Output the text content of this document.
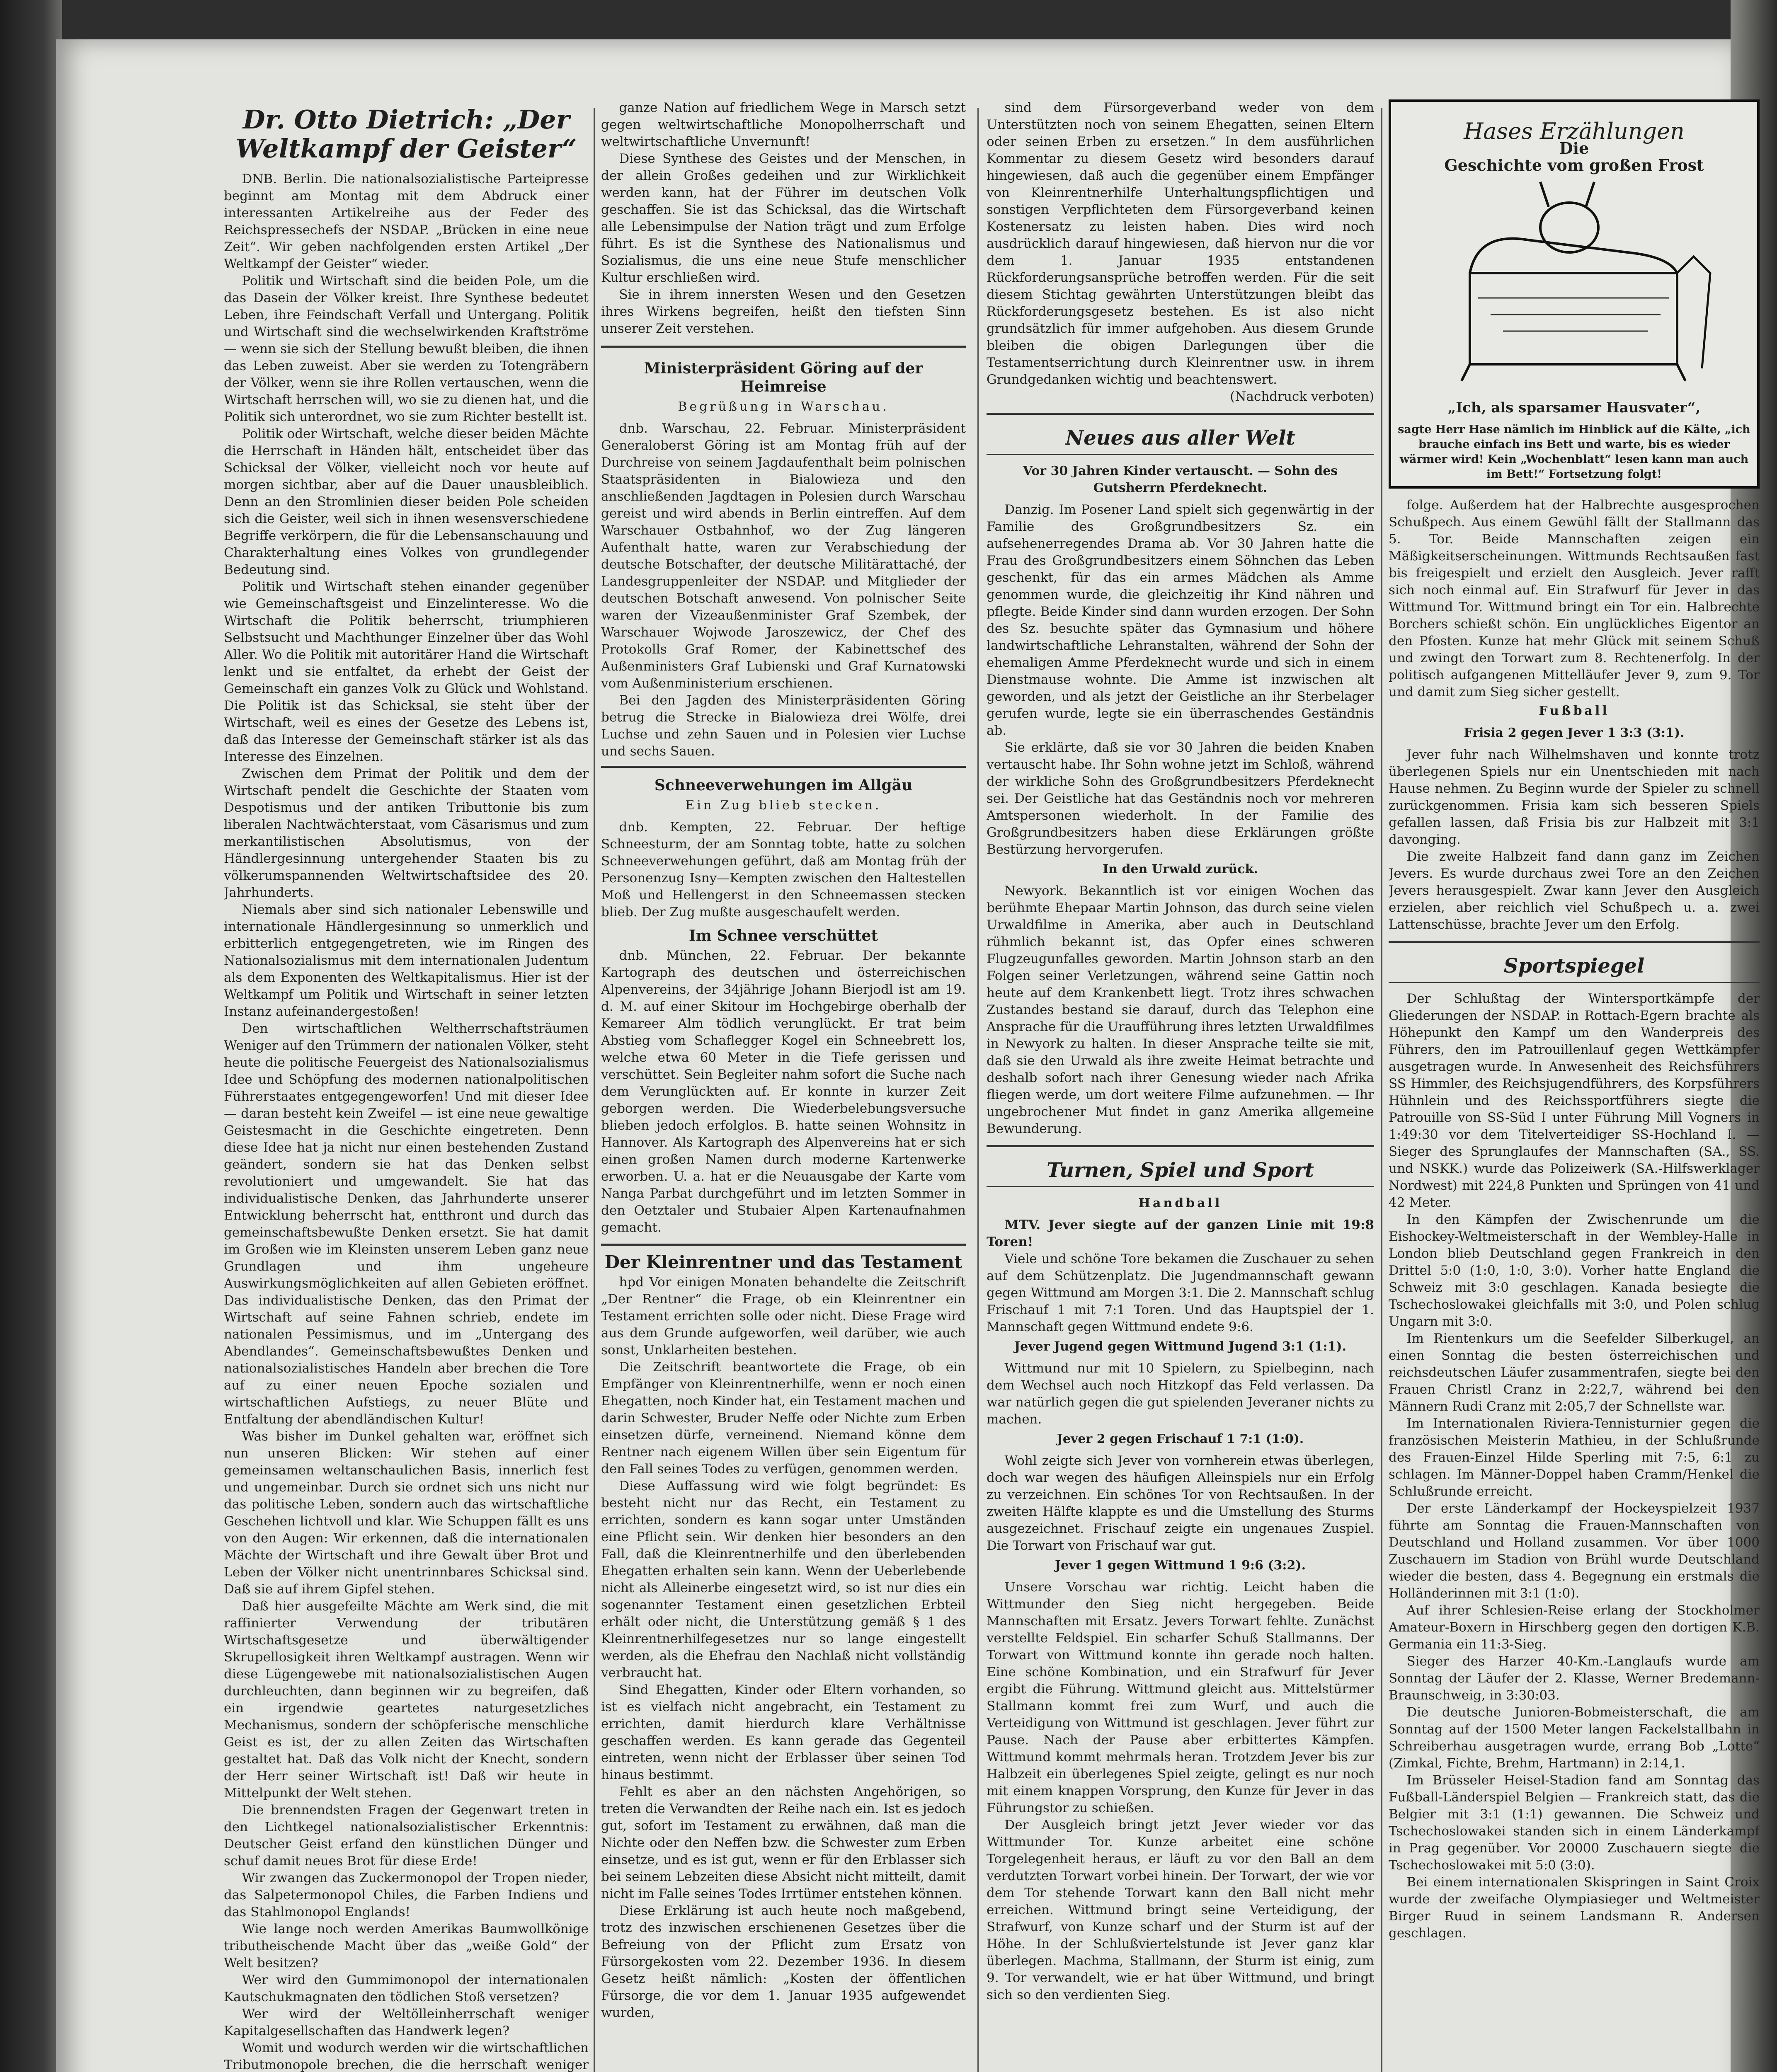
Dr. Otto Dietrich: „Der Weltkampf der Geister“

DNB. Berlin. Die nationalsozialistische Parteipresse beginnt am Montag mit dem Abdruck einer interessanten Artikelreihe aus der Feder des Reichspressechefs der NSDAP. „Brücken in eine neue Zeit“. Wir geben nachfolgenden ersten Artikel „Der Weltkampf der Geister“ wieder.

Politik und Wirtschaft sind die beiden Pole, um die das Dasein der Völker kreist. Ihre Synthese bedeutet Leben, ihre Feindschaft Verfall und Untergang. Politik und Wirtschaft sind die wechselwirkenden Kraftströme — wenn sie sich der Stellung bewußt bleiben, die ihnen das Leben zuweist. Aber sie werden zu Totengräbern der Völker, wenn sie ihre Rollen vertauschen, wenn die Wirtschaft herrschen will, wo sie zu dienen hat, und die Politik sich unterordnet, wo sie zum Richter bestellt ist.

Politik oder Wirtschaft, welche dieser beiden Mächte die Herrschaft in Händen hält, entscheidet über das Schicksal der Völker, vielleicht noch vor heute auf morgen sichtbar, aber auf die Dauer unausbleiblich. Denn an den Stromlinien dieser beiden Pole scheiden sich die Geister, weil sich in ihnen wesensverschiedene Begriffe verkörpern, die für die Lebensanschauung und Charakterhaltung eines Volkes von grundlegender Bedeutung sind.

Politik und Wirtschaft stehen einander gegenüber wie Gemeinschaftsgeist und Einzelinteresse. Wo die Wirtschaft die Politik beherrscht, triumphieren Selbstsucht und Machthunger Einzelner über das Wohl Aller. Wo die Politik mit autoritärer Hand die Wirtschaft lenkt und sie entfaltet, da erhebt der Geist der Gemeinschaft ein ganzes Volk zu Glück und Wohlstand. Die Politik ist das Schicksal, sie steht über der Wirtschaft, weil es eines der Gesetze des Lebens ist, daß das Interesse der Gemeinschaft stärker ist als das Interesse des Einzelnen.

Zwischen dem Primat der Politik und dem der Wirtschaft pendelt die Geschichte der Staaten vom Despotismus und der antiken Tributtonie bis zum liberalen Nachtwächterstaat, vom Cäsarismus und zum merkantilistischen Absolutismus, von der Händlergesinnung untergehender Staaten bis zu völkerumspannenden Weltwirtschaftsidee des 20. Jahrhunderts.

Niemals aber sind sich nationaler Lebenswille und internationale Händlergesinnung so unmerklich und erbitterlich entgegengetreten, wie im Ringen des Nationalsozialismus mit dem internationalen Judentum als dem Exponenten des Weltkapitalismus. Hier ist der Weltkampf um Politik und Wirtschaft in seiner letzten Instanz aufeinandergestoßen!

Den wirtschaftlichen Weltherrschaftsträumen Weniger auf den Trümmern der nationalen Völker, steht heute die politische Feuergeist des Nationalsozialismus Idee und Schöpfung des modernen nationalpolitischen Führerstaates entgegengeworfen! Und mit dieser Idee — daran besteht kein Zweifel — ist eine neue gewaltige Geistesmacht in die Geschichte eingetreten. Denn diese Idee hat ja nicht nur einen bestehenden Zustand geändert, sondern sie hat das Denken selbst revolutioniert und umgewandelt. Sie hat das individualistische Denken, das Jahrhunderte unserer Entwicklung beherrscht hat, entthront und durch das gemeinschaftsbewußte Denken ersetzt. Sie hat damit im Großen wie im Kleinsten unserem Leben ganz neue Grundlagen und ihm ungeheure Auswirkungsmöglichkeiten auf allen Gebieten eröffnet. Das individualistische Denken, das den Primat der Wirtschaft auf seine Fahnen schrieb, endete im nationalen Pessimismus, und im „Untergang des Abendlandes“. Gemeinschaftsbewußtes Denken und nationalsozialistisches Handeln aber brechen die Tore auf zu einer neuen Epoche sozialen und wirtschaftlichen Aufstiegs, zu neuer Blüte und Entfaltung der abendländischen Kultur!

Was bisher im Dunkel gehalten war, eröffnet sich nun unseren Blicken: Wir stehen auf einer gemeinsamen weltanschaulichen Basis, innerlich fest und ungemeinbar. Durch sie ordnet sich uns nicht nur das politische Leben, sondern auch das wirtschaftliche Geschehen lichtvoll und klar. Wie Schuppen fällt es uns von den Augen: Wir erkennen, daß die internationalen Mächte der Wirtschaft und ihre Gewalt über Brot und Leben der Völker nicht unentrinnbares Schicksal sind. Daß sie auf ihrem Gipfel stehen.

Daß hier ausgefeilte Mächte am Werk sind, die mit raffinierter Verwendung der tributären Wirtschaftsgesetze und überwältigender Skrupellosigkeit ihren Weltkampf austragen. Wenn wir diese Lügengewebe mit nationalsozialistischen Augen durchleuchten, dann beginnen wir zu begreifen, daß ein irgendwie geartetes naturgesetzliches Mechanismus, sondern der schöpferische menschliche Geist es ist, der zu allen Zeiten das Wirtschaften gestaltet hat. Daß das Volk nicht der Knecht, sondern der Herr seiner Wirtschaft ist! Daß wir heute in Mittelpunkt der Welt stehen.

Die brennendsten Fragen der Gegenwart treten in den Lichtkegel nationalsozialistischer Erkenntnis: Deutscher Geist erfand den künstlichen Dünger und schuf damit neues Brot für diese Erde!

Wir zwangen das Zuckermonopol der Tropen nieder, das Salpetermonopol Chiles, die Farben Indiens und das Stahlmonopol Englands!

Wie lange noch werden Amerikas Baumwollkönige tributheischende Macht über das „weiße Gold“ der Welt besitzen?

Wer wird den Gummimonopol der internationalen Kautschukmagnaten den tödlichen Stoß versetzen?

Wer wird der Weltölleinherrschaft weniger Kapitalgesellschaften das Handwerk legen?

Womit und wodurch werden wir die wirtschaftlichen Tributmonopole brechen, die die herrschaft weniger

ganze Nation auf friedlichem Wege in Marsch setzt gegen weltwirtschaftliche Monopolherrschaft und weltwirtschaftliche Unvernunft!

Diese Synthese des Geistes und der Menschen, in der allein Großes gedeihen und zur Wirklichkeit werden kann, hat der Führer im deutschen Volk geschaffen. Sie ist das Schicksal, das die Wirtschaft alle Lebensimpulse der Nation trägt und zum Erfolge führt. Es ist die Synthese des Nationalismus und Sozialismus, die uns eine neue Stufe menschlicher Kultur erschließen wird.

Sie in ihrem innersten Wesen und den Gesetzen ihres Wirkens begreifen, heißt den tiefsten Sinn unserer Zeit verstehen.

Ministerpräsident Göring auf der Heimreise
Begrüßung in Warschau.

dnb. Warschau, 22. Februar. Ministerpräsident Generaloberst Göring ist am Montag früh auf der Durchreise von seinem Jagdaufenthalt beim polnischen Staatspräsidenten in Bialowieza und den anschließenden Jagdtagen in Polesien durch Warschau gereist und wird abends in Berlin eintreffen. Auf dem Warschauer Ostbahnhof, wo der Zug längeren Aufenthalt hatte, waren zur Verabschiedung der deutsche Botschafter, der deutsche Militärattaché, der Landesgruppenleiter der NSDAP. und Mitglieder der deutschen Botschaft anwesend. Von polnischer Seite waren der Vizeaußenminister Graf Szembek, der Warschauer Wojwode Jaroszewicz, der Chef des Protokolls Graf Romer, der Kabinettschef des Außenministers Graf Lubienski und Graf Kurnatowski vom Außenministerium erschienen.

Bei den Jagden des Ministerpräsidenten Göring betrug die Strecke in Bialowieza drei Wölfe, drei Luchse und zehn Sauen und in Polesien vier Luchse und sechs Sauen.

Schneeverwehungen im Allgäu
Ein Zug blieb stecken.

dnb. Kempten, 22. Februar. Der heftige Schneesturm, der am Sonntag tobte, hatte zu solchen Schneeverwehungen geführt, daß am Montag früh der Personenzug Isny—Kempten zwischen den Haltestellen Moß und Hellengerst in den Schneemassen stecken blieb. Der Zug mußte ausgeschaufelt werden.

Im Schnee verschüttet

dnb. München, 22. Februar. Der bekannte Kartograph des deutschen und österreichischen Alpenvereins, der 34jährige Johann Bierjodl ist am 19. d. M. auf einer Skitour im Hochgebirge oberhalb der Kemareer Alm tödlich verunglückt. Er trat beim Abstieg vom Schaflegger Kogel ein Schneebrett los, welche etwa 60 Meter in die Tiefe gerissen und verschüttet. Sein Begleiter nahm sofort die Suche nach dem Verunglückten auf. Er konnte in kurzer Zeit geborgen werden. Die Wiederbelebungsversuche blieben jedoch erfolglos. B. hatte seinen Wohnsitz in Hannover. Als Kartograph des Alpenvereins hat er sich einen großen Namen durch moderne Kartenwerke erworben. U. a. hat er die Neuausgabe der Karte vom Nanga Parbat durchgeführt und im letzten Sommer in den Oetztaler und Stubaier Alpen Kartenaufnahmen gemacht.

Der Kleinrentner und das Testament

hpd Vor einigen Monaten behandelte die Zeitschrift „Der Rentner“ die Frage, ob ein Kleinrentner ein Testament errichten solle oder nicht. Diese Frage wird aus dem Grunde aufgeworfen, weil darüber, wie auch sonst, Unklarheiten bestehen.

Die Zeitschrift beantwortete die Frage, ob ein Empfänger von Kleinrentnerhilfe, wenn er noch einen Ehegatten, noch Kinder hat, ein Testament machen und darin Schwester, Bruder Neffe oder Nichte zum Erben einsetzen dürfe, verneinend. Niemand könne dem Rentner nach eigenem Willen über sein Eigentum für den Fall seines Todes zu verfügen, genommen werden.

Diese Auffassung wird wie folgt begründet: Es besteht nicht nur das Recht, ein Testament zu errichten, sondern es kann sogar unter Umständen eine Pflicht sein. Wir denken hier besonders an den Fall, daß die Kleinrentnerhilfe und den überlebenden Ehegatten erhalten sein kann. Wenn der Ueberlebende nicht als Alleinerbe eingesetzt wird, so ist nur dies ein sogenannter Testament einen gesetzlichen Erbteil erhält oder nicht, die Unterstützung gemäß § 1 des Kleinrentnerhilfegesetzes nur so lange eingestellt werden, als die Ehefrau den Nachlaß nicht vollständig verbraucht hat.

Sind Ehegatten, Kinder oder Eltern vorhanden, so ist es vielfach nicht angebracht, ein Testament zu errichten, damit hierdurch klare Verhältnisse geschaffen werden. Es kann gerade das Gegenteil eintreten, wenn nicht der Erblasser über seinen Tod hinaus bestimmt.

Fehlt es aber an den nächsten Angehörigen, so treten die Verwandten der Reihe nach ein. Ist es jedoch gut, sofort im Testament zu erwähnen, daß man die Nichte oder den Neffen bzw. die Schwester zum Erben einsetze, und es ist gut, wenn er für den Erblasser sich bei seinem Lebzeiten diese Absicht nicht mitteilt, damit nicht im Falle seines Todes Irrtümer entstehen können.

Diese Erklärung ist auch heute noch maßgebend, trotz des inzwischen erschienenen Gesetzes über die Befreiung von der Pflicht zum Ersatz von Fürsorgekosten vom 22. Dezember 1936. In diesem Gesetz heißt nämlich: „Kosten der öffentlichen Fürsorge, die vor dem 1. Januar 1935 aufgewendet wurden,

sind dem Fürsorgeverband weder von dem Unterstützten noch von seinem Ehegatten, seinen Eltern oder seinen Erben zu ersetzen.“ In dem ausführlichen Kommentar zu diesem Gesetz wird besonders darauf hingewiesen, daß auch die gegenüber einem Empfänger von Kleinrentnerhilfe Unterhaltungspflichtigen und sonstigen Verpflichteten dem Fürsorgeverband keinen Kostenersatz zu leisten haben. Dies wird noch ausdrücklich darauf hingewiesen, daß hiervon nur die vor dem 1. Januar 1935 entstandenen Rückforderungsansprüche betroffen werden. Für die seit diesem Stichtag gewährten Unterstützungen bleibt das Rückforderungsgesetz bestehen. Es ist also nicht grundsätzlich für immer aufgehoben. Aus diesem Grunde bleiben die obigen Darlegungen über die Testamentserrichtung durch Kleinrentner usw. in ihrem Grundgedanken wichtig und beachtenswert.

(Nachdruck verboten)
Neues aus aller Welt
Vor 30 Jahren Kinder vertauscht. — Sohn des Gutsherrn Pferdeknecht.

Danzig. Im Posener Land spielt sich gegenwärtig in der Familie des Großgrundbesitzers Sz. ein aufsehenerregendes Drama ab. Vor 30 Jahren hatte die Frau des Großgrundbesitzers einem Söhnchen das Leben geschenkt, für das ein armes Mädchen als Amme genommen wurde, die gleichzeitig ihr Kind nähren und pflegte. Beide Kinder sind dann wurden erzogen. Der Sohn des Sz. besuchte später das Gymnasium und höhere landwirtschaftliche Lehranstalten, während der Sohn der ehemaligen Amme Pferdeknecht wurde und sich in einem Dienstmause wohnte. Die Amme ist inzwischen alt geworden, und als jetzt der Geistliche an ihr Sterbelager gerufen wurde, legte sie ein überraschendes Geständnis ab.

Sie erklärte, daß sie vor 30 Jahren die beiden Knaben vertauscht habe. Ihr Sohn wohne jetzt im Schloß, während der wirkliche Sohn des Großgrundbesitzers Pferdeknecht sei. Der Geistliche hat das Geständnis noch vor mehreren Amtspersonen wiederholt. In der Familie des Großgrundbesitzers haben diese Erklärungen größte Bestürzung hervorgerufen.

In den Urwald zurück.

Newyork. Bekanntlich ist vor einigen Wochen das berühmte Ehepaar Martin Johnson, das durch seine vielen Urwaldfilme in Amerika, aber auch in Deutschland rühmlich bekannt ist, das Opfer eines schweren Flugzeugunfalles geworden. Martin Johnson starb an den Folgen seiner Verletzungen, während seine Gattin noch heute auf dem Krankenbett liegt. Trotz ihres schwachen Zustandes bestand sie darauf, durch das Telephon eine Ansprache für die Uraufführung ihres letzten Urwaldfilmes in Newyork zu halten. In dieser Ansprache teilte sie mit, daß sie den Urwald als ihre zweite Heimat betrachte und deshalb sofort nach ihrer Genesung wieder nach Afrika fliegen werde, um dort weitere Filme aufzunehmen. — Ihr ungebrochener Mut findet in ganz Amerika allgemeine Bewunderung.

Turnen, Spiel und Sport
Handball

MTV. Jever siegte auf der ganzen Linie mit 19:8 Toren!

Viele und schöne Tore bekamen die Zuschauer zu sehen auf dem Schützenplatz. Die Jugendmannschaft gewann gegen Wittmund am Morgen 3:1. Die 2. Mannschaft schlug Frischauf 1 mit 7:1 Toren. Und das Hauptspiel der 1. Mannschaft gegen Wittmund endete 9:6.

Jever Jugend gegen Wittmund Jugend 3:1 (1:1).

Wittmund nur mit 10 Spielern, zu Spielbeginn, nach dem Wechsel auch noch Hitzkopf das Feld verlassen. Da war natürlich gegen die gut spielenden Jeveraner nichts zu machen.

Jever 2 gegen Frischauf 1 7:1 (1:0).

Wohl zeigte sich Jever von vornherein etwas überlegen, doch war wegen des häufigen Alleinspiels nur ein Erfolg zu verzeichnen. Ein schönes Tor von Rechtsaußen. In der zweiten Hälfte klappte es und die Umstellung des Sturms ausgezeichnet. Frischauf zeigte ein ungenaues Zuspiel. Die Torwart von Frischauf war gut.

Jever 1 gegen Wittmund 1 9:6 (3:2).

Unsere Vorschau war richtig. Leicht haben die Wittmunder den Sieg nicht hergegeben. Beide Mannschaften mit Ersatz. Jevers Torwart fehlte. Zunächst verstellte Feldspiel. Ein scharfer Schuß Stallmanns. Der Torwart von Wittmund konnte ihn gerade noch halten. Eine schöne Kombination, und ein Strafwurf für Jever ergibt die Führung. Wittmund gleicht aus. Mittelstürmer Stallmann kommt frei zum Wurf, und auch die Verteidigung von Wittmund ist geschlagen. Jever führt zur Pause. Nach der Pause aber erbittertes Kämpfen. Wittmund kommt mehrmals heran. Trotzdem Jever bis zur Halbzeit ein überlegenes Spiel zeigte, gelingt es nur noch mit einem knappen Vorsprung, den Kunze für Jever in das Führungstor zu schießen.

Der Ausgleich bringt jetzt Jever wieder vor das Wittmunder Tor. Kunze arbeitet eine schöne Torgelegenheit heraus, er läuft zu vor den Ball an dem verdutzten Torwart vorbei hinein. Der Torwart, der wie vor dem Tor stehende Torwart kann den Ball nicht mehr erreichen. Wittmund bringt seine Verteidigung, der Strafwurf, von Kunze scharf und der Sturm ist auf der Höhe. In der Schlußviertelstunde ist Jever ganz klar überlegen. Machma, Stallmann, der Sturm ist einig, zum 9. Tor verwandelt, wie er hat über Wittmund, und bringt sich so den verdienten Sieg.

Hases Erzählungen
Die
Geschichte vom großen Frost
„Ich, als sparsamer Hausvater“,
sagte Herr Hase nämlich im Hinblick auf die Kälte, „ich brauche einfach ins Bett und warte, bis es wieder wärmer wird! Kein „Wochenblatt“ lesen kann man auch im Bett!“ Fortsetzung folgt!

folge. Außerdem hat der Halbrechte ausgesprochen Schußpech. Aus einem Gewühl fällt der Stallmann das 5. Tor. Beide Mannschaften zeigen ein Mäßigkeitserscheinungen. Wittmunds Rechtsaußen fast bis freigespielt und erzielt den Ausgleich. Jever rafft sich noch einmal auf. Ein Strafwurf für Jever in das Wittmund Tor. Wittmund bringt ein Tor ein. Halbrechte Borchers schießt schön. Ein unglückliches Eigentor an den Pfosten. Kunze hat mehr Glück mit seinem Schuß und zwingt den Torwart zum 8. Rechtenerfolg. In der politisch aufgangenen Mittelläufer Jever 9, zum 9. Tor und damit zum Sieg sicher gestellt.

Fußball
Frisia 2 gegen Jever 1 3:3 (3:1).

Jever fuhr nach Wilhelmshaven und konnte trotz überlegenen Spiels nur ein Unentschieden mit nach Hause nehmen. Zu Beginn wurde der Spieler zu schnell zurückgenommen. Frisia kam sich besseren Spiels gefallen lassen, daß Frisia bis zur Halbzeit mit 3:1 davonging.

Die zweite Halbzeit fand dann ganz im Zeichen Jevers. Es wurde durchaus zwei Tore an den Zeichen Jevers herausgespielt. Zwar kann Jever den Ausgleich erzielen, aber reichlich viel Schußpech u. a. zwei Lattenschüsse, brachte Jever um den Erfolg.

Sportspiegel

Der Schlußtag der Wintersportkämpfe der Gliederungen der NSDAP. in Rottach-Egern brachte als Höhepunkt den Kampf um den Wanderpreis des Führers, den im Patrouillenlauf gegen Wettkämpfer ausgetragen wurde. In Anwesenheit des Reichsführers SS Himmler, des Reichsjugendführers, des Korpsführers Hühnlein und des Reichssportführers siegte die Patrouille von SS-Süd I unter Führung Mill Vogners in 1:49:30 vor dem Titelverteidiger SS-Hochland I. — Sieger des Sprunglaufes der Mannschaften (SA., SS. und NSKK.) wurde das Polizeiwerk (SA.-Hilfswerklager Nordwest) mit 224,8 Punkten und Sprüngen von 41 und 42 Meter.

In den Kämpfen der Zwischenrunde um die Eishockey-Weltmeisterschaft in der Wembley-Halle in London blieb Deutschland gegen Frankreich in den Drittel 5:0 (1:0, 1:0, 3:0). Vorher hatte England die Schweiz mit 3:0 geschlagen. Kanada besiegte die Tschechoslowakei gleichfalls mit 3:0, und Polen schlug Ungarn mit 3:0.

Im Rientenkurs um die Seefelder Silberkugel, an einen Sonntag die besten österreichischen und reichsdeutschen Läufer zusammentrafen, siegte bei den Frauen Christl Cranz in 2:22,7, während bei den Männern Rudi Cranz mit 2:05,7 der Schnellste war.

Im Internationalen Riviera-Tennisturnier gegen die französischen Meisterin Mathieu, in der Schlußrunde des Frauen-Einzel Hilde Sperling mit 7:5, 6:1 zu schlagen. Im Männer-Doppel haben Cramm/Henkel die Schlußrunde erreicht.

Der erste Länderkampf der Hockeyspielzeit 1937 führte am Sonntag die Frauen-Mannschaften von Deutschland und Holland zusammen. Vor über 1000 Zuschauern im Stadion von Brühl wurde Deutschland wieder die besten, dass 4. Begegnung ein erstmals die Holländerinnen mit 3:1 (1:0).

Auf ihrer Schlesien-Reise erlang der Stockholmer Amateur-Boxern in Hirschberg gegen den dortigen K.B. Germania ein 11:3-Sieg.

Sieger des Harzer 40-Km.-Langlaufs wurde am Sonntag der Läufer der 2. Klasse, Werner Bredemann-Braunschweig, in 3:30:03.

Die deutsche Junioren-Bobmeisterschaft, die am Sonntag auf der 1500 Meter langen Fackelstallbahn in Schreiberhau ausgetragen wurde, errang Bob „Lotte“ (Zimkal, Fichte, Brehm, Hartmann) in 2:14,1.

Im Brüsseler Heisel-Stadion fand am Sonntag das Fußball-Länderspiel Belgien — Frankreich statt, das die Belgier mit 3:1 (1:1) gewannen. Die Schweiz und Tschechoslowakei standen sich in einem Länderkampf in Prag gegenüber. Vor 20000 Zuschauern siegte die Tschechoslowakei mit 5:0 (3:0).

Bei einem internationalen Skispringen in Saint Croix wurde der zweifache Olympiasieger und Weltmeister Birger Ruud in seinem Landsmann R. Andersen geschlagen.
